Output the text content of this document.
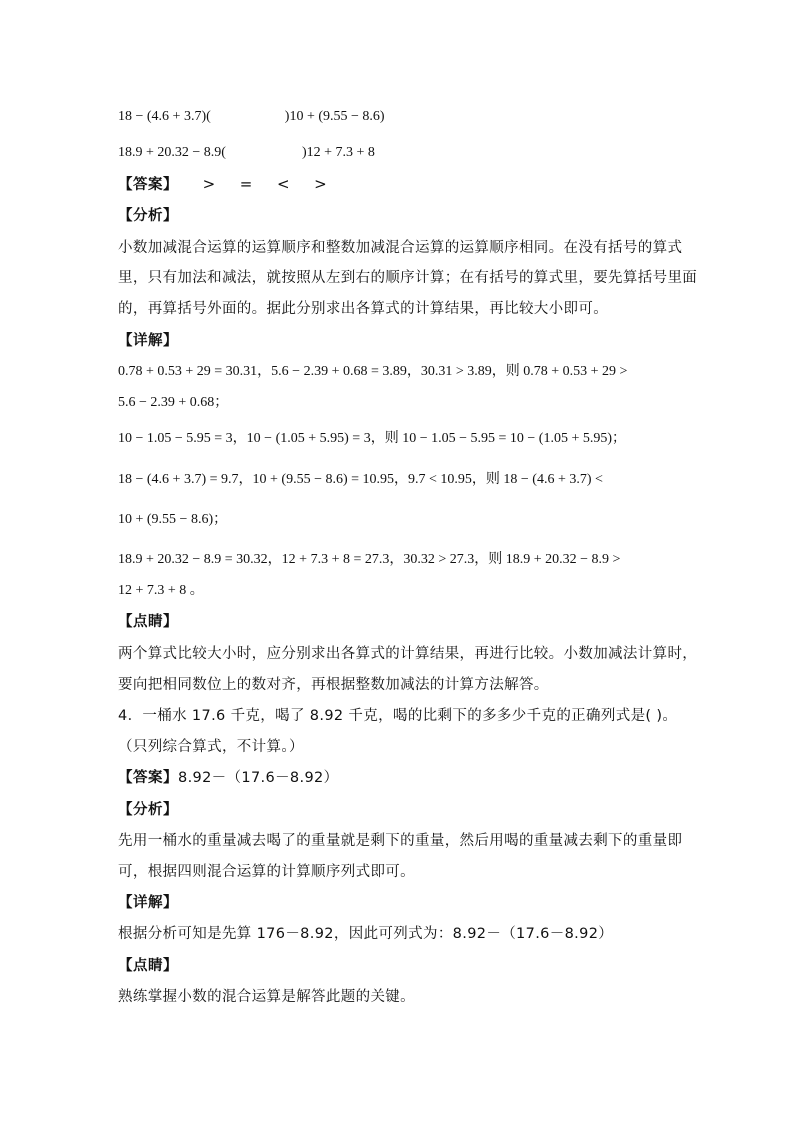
18 − (4.6 + 3.7)(	)10 + (9.55 − 8.6)
18.9 + 20.32 − 8.9(	)12 + 7.3 + 8
【答案】 > = < >
【分析】
小数加减混合运算的运算顺序和整数加减混合运算的运算顺序相同。在没有括号的算式
里，只有加法和减法，就按照从左到右的顺序计算；在有括号的算式里，要先算括号里面
的，再算括号外面的。据此分别求出各算式的计算结果，再比较大小即可。
【详解】
0.78 + 0.53 + 29 = 30.31，5.6 − 2.39 + 0.68 = 3.89，30.31 > 3.89，则 0.78 + 0.53 + 29 >
5.6 − 2.39 + 0.68；
10 − 1.05 − 5.95 = 3，10 − (1.05 + 5.95) = 3，则 10 − 1.05 − 5.95 = 10 − (1.05 + 5.95)；
18 − (4.6 + 3.7) = 9.7，10 + (9.55 − 8.6) = 10.95，9.7 < 10.95，则 18 − (4.6 + 3.7) <
10 + (9.55 − 8.6)；
18.9 + 20.32 − 8.9 = 30.32，12 + 7.3 + 8 = 27.3，30.32 > 27.3，则 18.9 + 20.32 − 8.9 >
12 + 7.3 + 8 。
【点睛】
两个算式比较大小时，应分别求出各算式的计算结果，再进行比较。小数加减法计算时，
要向把相同数位上的数对齐，再根据整数加减法的计算方法解答。
4．一桶水 17.6 千克，喝了 8.92 千克，喝的比剩下的多多少千克的正确列式是( )。
（只列综合算式，不计算。）
【答案】8.92－（17.6－8.92）
【分析】
先用一桶水的重量减去喝了的重量就是剩下的重量，然后用喝的重量减去剩下的重量即
可，根据四则混合运算的计算顺序列式即可。
【详解】
根据分析可知是先算 176－8.92，因此可列式为：8.92－（17.6－8.92）
【点睛】
熟练掌握小数的混合运算是解答此题的关键。
